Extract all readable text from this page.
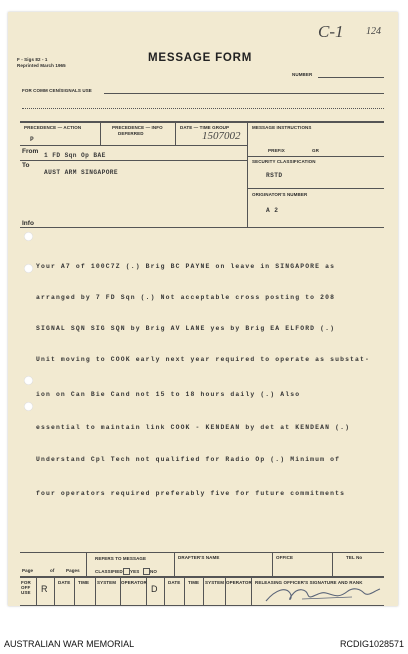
F - Sigs 82 - 1
Reprinted March 1965
MESSAGE FORM
C-1 124
NUMBER
FOR COMM CEN/SIGNALS USE
PRECEDENCE — ACTION
P
PRECEDENCE — INFO
DEFERRED
DATE — TIME GROUP
1507002
MESSAGE INSTRUCTIONS
PREFIX	GR
SECURITY CLASSIFICATION
RSTD
ORIGINATOR'S NUMBER
A 2
From
1 FD Sqn Op BAE
To
AUST ARM SINGAPORE
Info
Your A7 of 100C7Z (.) Brig BC PAYNE on leave in SINGAPORE as
arranged by 7 FD Sqn (.) Not acceptable cross posting to 208
SIGNAL SQN SIG SQN by Brig AV LANE yes by Brig EA ELFORD (.)
Unit moving to COOK early next year required to operate as substat-
ion on Can Bie Cand not 15 to 18 hours daily (.) Also
essential to maintain link COOK - KENDEAN by det at KENDEAN (.)
Understand Cpl Tech not qualified for Radio Op (.) Minimum of
four operators required preferably five for future commitments
Page	of	Pages
REFERS TO MESSAGE
CLASSIFIED YES NO
DRAFTER'S NAME	OFFICE	TEL No
FOR OFF USE	R
DATE TIME SYSTEM OPERATOR
D
DATE TIME SYSTEM OPERATOR RELEASING OFFICER'S SIGNATURE AND RANK
AUSTRALIAN WAR MEMORIAL	RCDIG1028571
